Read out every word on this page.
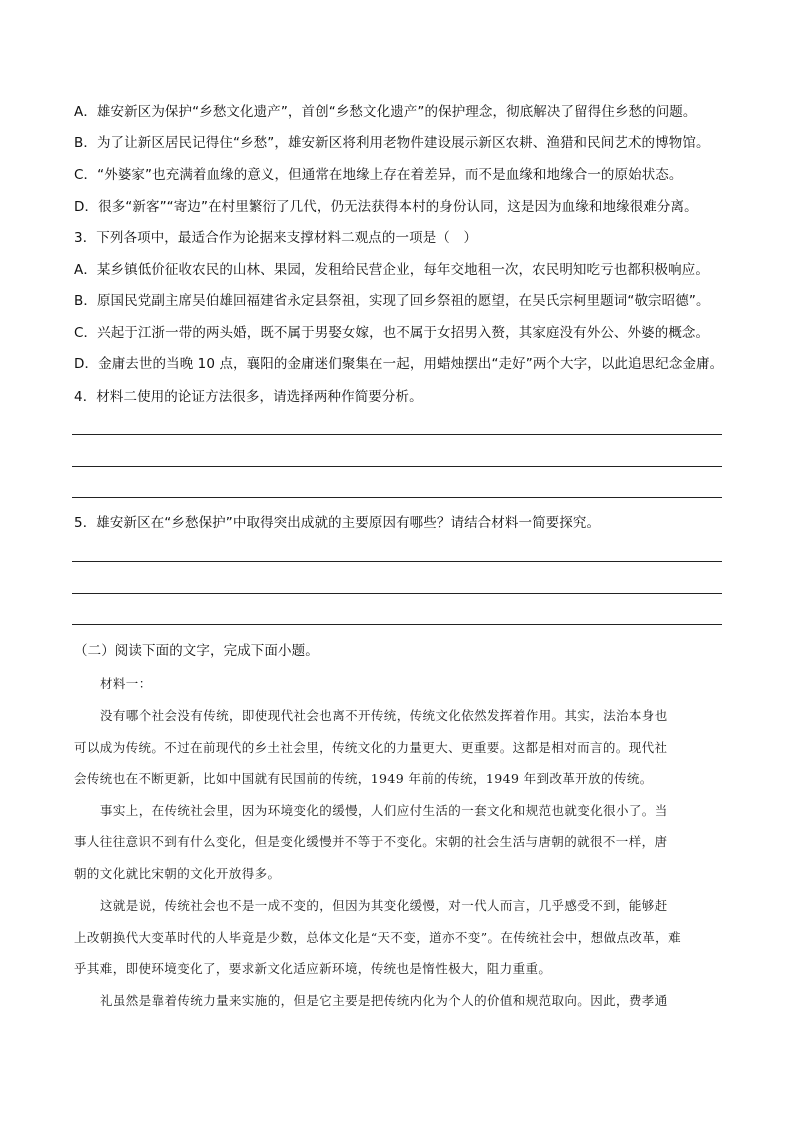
A．雄安新区为保护“乡愁文化遗产”，首创“乡愁文化遗产”的保护理念，彻底解决了留得住乡愁的问题。
B．为了让新区居民记得住“乡愁”，雄安新区将利用老物件建设展示新区农耕、渔猎和民间艺术的博物馆。
C．“外婆家”也充满着血缘的意义，但通常在地缘上存在着差异，而不是血缘和地缘合一的原始状态。
D．很多“新客”“寄边”在村里繁衍了几代，仍无法获得本村的身份认同，这是因为血缘和地缘很难分离。
3．下列各项中，最适合作为论据来支撑材料二观点的一项是（　）
A．某乡镇低价征收农民的山林、果园，发租给民营企业，每年交地租一次，农民明知吃亏也都积极响应。
B．原国民党副主席吴伯雄回福建省永定县祭祖，实现了回乡祭祖的愿望，在吴氏宗柯里题词“敬宗昭德”。
C．兴起于江浙一带的两头婚，既不属于男娶女嫁，也不属于女招男入赘，其家庭没有外公、外婆的概念。
D．金庸去世的当晚 10 点，襄阳的金庸迷们聚集在一起，用蜡烛摆出“走好”两个大字，以此追思纪念金庸。
4．材料二使用的论证方法很多，请选择两种作简要分析。
5．雄安新区在“乡愁保护”中取得突出成就的主要原因有哪些？请结合材料一简要探究。
（二）阅读下面的文字，完成下面小题。
材料一：
没有哪个社会没有传统，即使现代社会也离不开传统，传统文化依然发挥着作用。其实，法治本身也
可以成为传统。不过在前现代的乡土社会里，传统文化的力量更大、更重要。这都是相对而言的。现代社
会传统也在不断更新，比如中国就有民国前的传统，1949 年前的传统，1949 年到改革开放的传统。
事实上，在传统社会里，因为环境变化的缓慢，人们应付生活的一套文化和规范也就变化很小了。当
事人往往意识不到有什么变化，但是变化缓慢并不等于不变化。宋朝的社会生活与唐朝的就很不一样，唐
朝的文化就比宋朝的文化开放得多。
这就是说，传统社会也不是一成不变的，但因为其变化缓慢，对一代人而言，几乎感受不到，能够赶
上改朝换代大变革时代的人毕竟是少数，总体文化是“天不变，道亦不变”。在传统社会中，想做点改革，难
乎其难，即使环境变化了，要求新文化适应新环境，传统也是惰性极大，阻力重重。
礼虽然是靠着传统力量来实施的，但是它主要是把传统内化为个人的价值和规范取向。因此，费孝通
